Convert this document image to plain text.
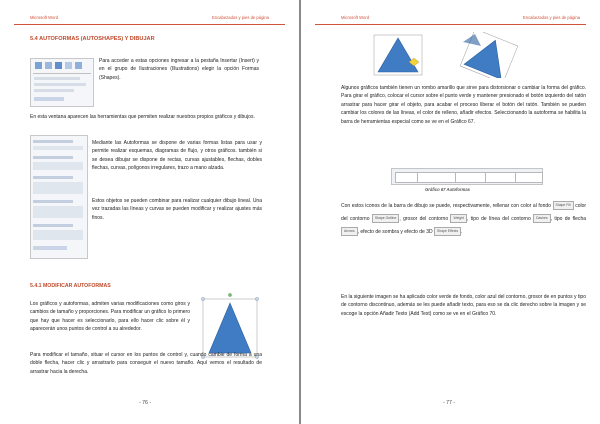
Microsoft Word	Encabezados y pies de página
5.4 AUTOFORMAS (AUTOSHAPES) Y DIBUJAR
Para acceder a estas opciones ingresar a la pestaña Insertar (Insert) y en el grupo de Ilustraciones (Illustrations) elegir la opción Formas (Shapes).
En esta ventana aparecen las herramientas que permiten realizar nuestros propios gráficos y dibujos.
Mediante las Autoformas se dispone de varias formas listas para usar y permite realizar esquemas, diagramas de flujo, y otros gráficos. también si se desea dibujar se dispone de rectas, curvas ajustables, flechas, dobles flechas, curvas, polígonos irregulares, trazo a mano alzada.
Estos objetos se pueden combinar para realizar cualquier dibujo lineal. Una vez trazadas las líneas y curvas se pueden modificar y realizar ajustes más finos.
5.4.1 MODIFICAR AUTOFORMAS
Los gráficos y autoformas, admiten varias modificaciones como giros y cambios de tamaño y proporciones. Para modificar un gráfico lo primero que hay que hacer es seleccionarlo, para ello hacer clic sobre él y aparecerán unos puntos de control a su alrededor.
Para modificar el tamaño, situar el cursor en los puntos de control y, cuando cambie de forma a una doble flecha, hacer clic y arrastrarlo para conseguir el nuevo tamaño. Aquí vemos el resultado de arrastrar hacia la derecha.
- 76 -
Microsoft Word	Encabezados y pies de página
Algunos gráficos también tienen un rombo amarillo que sirve para distorsionar o cambiar la forma del gráfico. Para girar el gráfico, colocar el cursor sobre el punto verde y mantener presionado el botón izquierdo del ratón arrastrar para hacer girar el objeto, para acabar el proceso liberar el botón del ratón. También se pueden cambiar los colores de las líneas, el color de relleno, añadir efectos. Seleccionando la autoforma se habilita la barra de herramientas especial como se ve en el Gráfico 67.
Gráfico 67 Autoformas
Con estos iconos de la barra de dibujo se puede, respectivamente, rellenar con color al fondo Shape Fill color del contorno Shape Outline , grosor del contorno Weight , tipo de línea del contorno Dashes , tipo de flecha Arrows , efecto de sombra y efecto de 3D Shape Effects .
En la siguiente imagen se ha aplicado color verde de fondo, color azul del contorno, grosor de en puntos y tipo de contorno discontinuo, además se les puede añadir texto, para eso se da clic derecho sobre la imagen y se escoge la opción Añadir Texto (Add Text) como se ve en el Gráfico 70.
- 77 -
